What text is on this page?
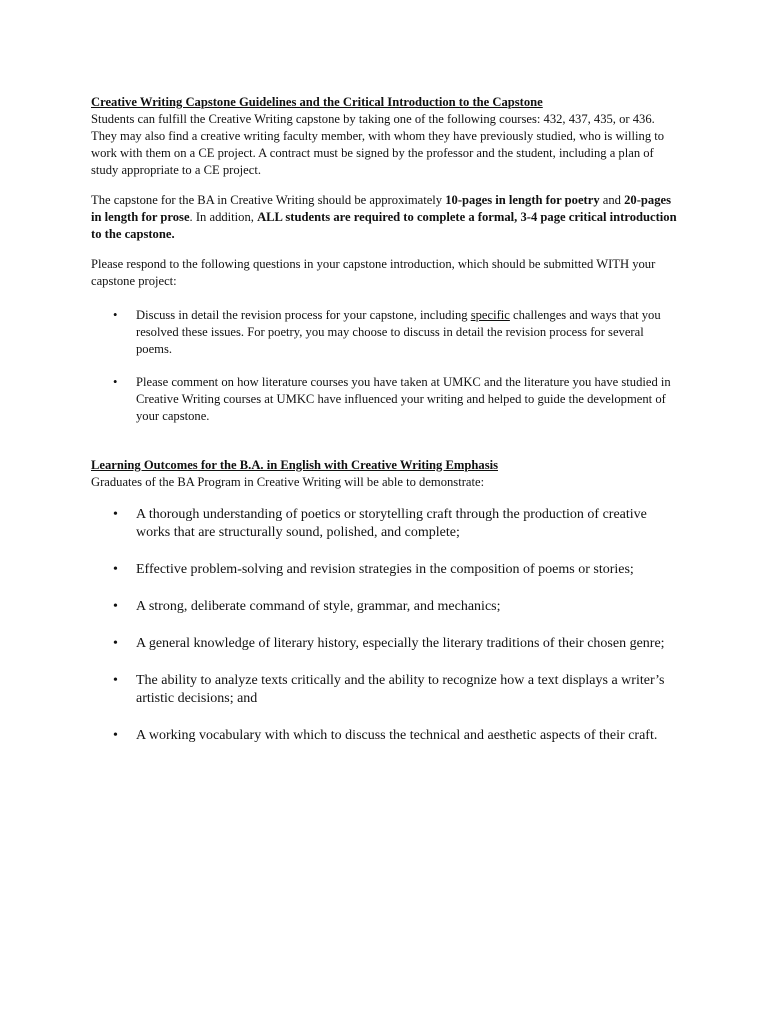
Creative Writing Capstone Guidelines and the Critical Introduction to the Capstone

Students can fulfill the Creative Writing capstone by taking one of the following courses: 432, 437, 435, or 436. They may also find a creative writing faculty member, with whom they have previously studied, who is willing to work with them on a CE project. A contract must be signed by the professor and the student, including a plan of study appropriate to a CE project.

The capstone for the BA in Creative Writing should be approximately 10-pages in length for poetry and 20-pages in length for prose. In addition, ALL students are required to complete a formal, 3-4 page critical introduction to the capstone.

Please respond to the following questions in your capstone introduction, which should be submitted WITH your capstone project:

• Discuss in detail the revision process for your capstone, including specific challenges and ways that you resolved these issues. For poetry, you may choose to discuss in detail the revision process for several poems.
• Please comment on how literature courses you have taken at UMKC and the literature you have studied in Creative Writing courses at UMKC have influenced your writing and helped to guide the development of your capstone.
Learning Outcomes for the B.A. in English with Creative Writing Emphasis

Graduates of the BA Program in Creative Writing will be able to demonstrate:

• A thorough understanding of poetics or storytelling craft through the production of creative works that are structurally sound, polished, and complete;
• Effective problem-solving and revision strategies in the composition of poems or stories;
• A strong, deliberate command of style, grammar, and mechanics;
• A general knowledge of literary history, especially the literary traditions of their chosen genre;
• The ability to analyze texts critically and the ability to recognize how a text displays a writer’s artistic decisions; and
• A working vocabulary with which to discuss the technical and aesthetic aspects of their craft.
